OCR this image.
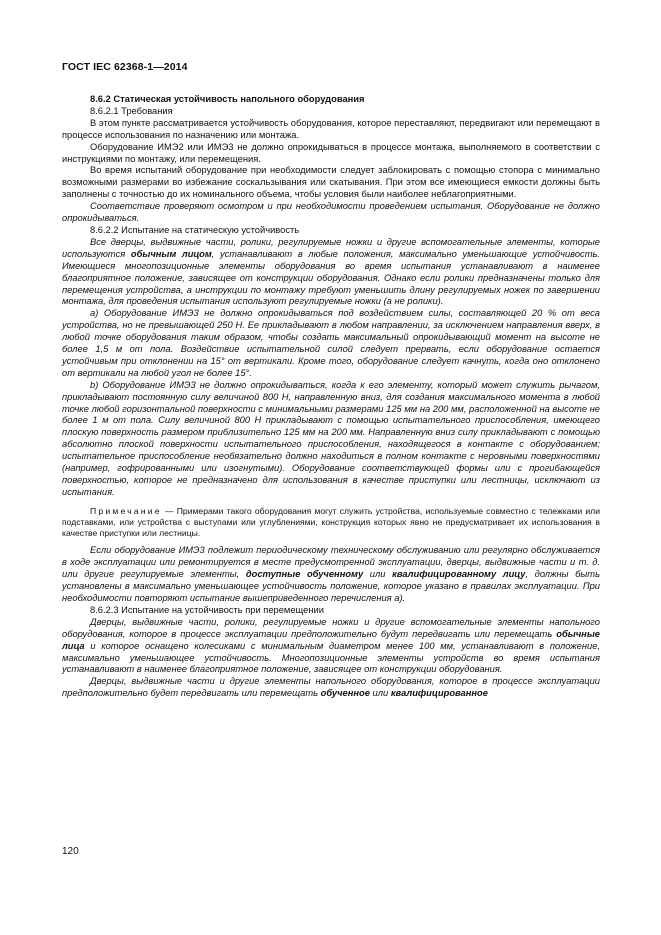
ГОСТ IEC 62368-1—2014

8.6.2 Статическая устойчивость напольного оборудования

8.6.2.1 Требования

В этом пункте рассматривается устойчивость оборудования, которое переставляют, передвигают или перемещают в процессе использования по назначению или монтажа.

Оборудование ИМЭ2 или ИМЭ3 не должно опрокидываться в процессе монтажа, выполняемого в соответствии с инструкциями по монтажу, или перемещения.

Во время испытаний оборудование при необходимости следует заблокировать с помощью стопора с минимально возможными размерами во избежание соскальзывания или скатывания. При этом все имеющиеся емкости должны быть заполнены с точностью до их номинального объема, чтобы условия были наиболее неблагоприятными.

Соответствие проверяют осмотром и при необходимости проведением испытания. Оборудование не должно опрокидываться.

8.6.2.2 Испытание на статическую устойчивость

Все дверцы, выдвижные части, ролики, регулируемые ножки и другие вспомогательные элементы, которые используются обычным лицом, устанавливают в любые положения, максимально уменьшающие устойчивость. Имеющиеся многопозиционные элементы оборудования во время испытания устанавливают в наименее благоприятное положение, зависящее от конструкции оборудования. Однако если ролики предназначены только для перемещения устройства, а инструкции по монтажу требуют уменьшить длину регулируемых ножек по завершении монтажа, для проведения испытания используют регулируемые ножки (а не ролики).

a) Оборудование ИМЭ3 не должно опрокидываться под воздействием силы, составляющей 20 % от веса устройства, но не превышающей 250 Н. Ее прикладывают в любом направлении, за исключением направления вверх, в любой точке оборудования таким образом, чтобы создать максимальный опрокидывающий момент на высоте не более 1,5 м от пола. Воздействие испытательной силой следует прервать, если оборудование остается устойчивым при отклонении на 15° от вертикали. Кроме того, оборудование следует качнуть, когда оно отклонено от вертикали на любой угол не более 15°.

b) Оборудование ИМЭ3 не должно опрокидываться, когда к его элементу, который может служить рычагом, прикладывают постоянную силу величиной 800 Н, направленную вниз, для создания максимального момента в любой точке любой горизонтальной поверхности с минимальными размерами 125 мм на 200 мм, расположенной на высоте не более 1 м от пола. Силу величиной 800 Н прикладывают с помощью испытательного приспособления, имеющего плоскую поверхность размером приблизительно 125 мм на 200 мм. Направленную вниз силу прикладывают с помощью абсолютно плоской поверхности испытательного приспособления, находящегося в контакте с оборудованием; испытательное приспособление необязательно должно находиться в полном контакте с неровными поверхностями (например, гофрированными или изогнутыми). Оборудование соответствующей формы или с прогибающейся поверхностью, которое не предназначено для использования в качестве приступки или лестницы, исключают из испытания.

Примечание — Примерами такого оборудования могут служить устройства, используемые совместно с тележками или подставками, или устройства с выступами или углублениями, конструкция которых явно не предусматривает их использования в качестве приступки или лестницы.

Если оборудование ИМЭ3 подлежит периодическому техническому обслуживанию или регулярно обслуживается в ходе эксплуатации или ремонтируется в месте предусмотренной эксплуатации, дверцы, выдвижные части и т. д. или другие регулируемые элементы, доступные обученному или квалифицированному лицу, должны быть установлены в максимально уменьшающее устойчивость положение, которое указано в правилах эксплуатации. При необходимости повторяют испытание вышеприведенного перечисления а).

8.6.2.3 Испытание на устойчивость при перемещении

Дверцы, выдвижные части, ролики, регулируемые ножки и другие вспомогательные элементы напольного оборудования, которое в процессе эксплуатации предположительно будут передвигать или перемещать обычные лица и которое оснащено колесиками с минимальным диаметром менее 100 мм, устанавливают в положение, максимально уменьшающее устойчивость. Многопозиционные элементы устройств во время испытания устанавливают в наименее благоприятное положение, зависящее от конструкции оборудования.

Дверцы, выдвижные части и другие элементы напольного оборудования, которое в процессе эксплуатации предположительно будет передвигать или перемещать обученное или квалифицированное

120
